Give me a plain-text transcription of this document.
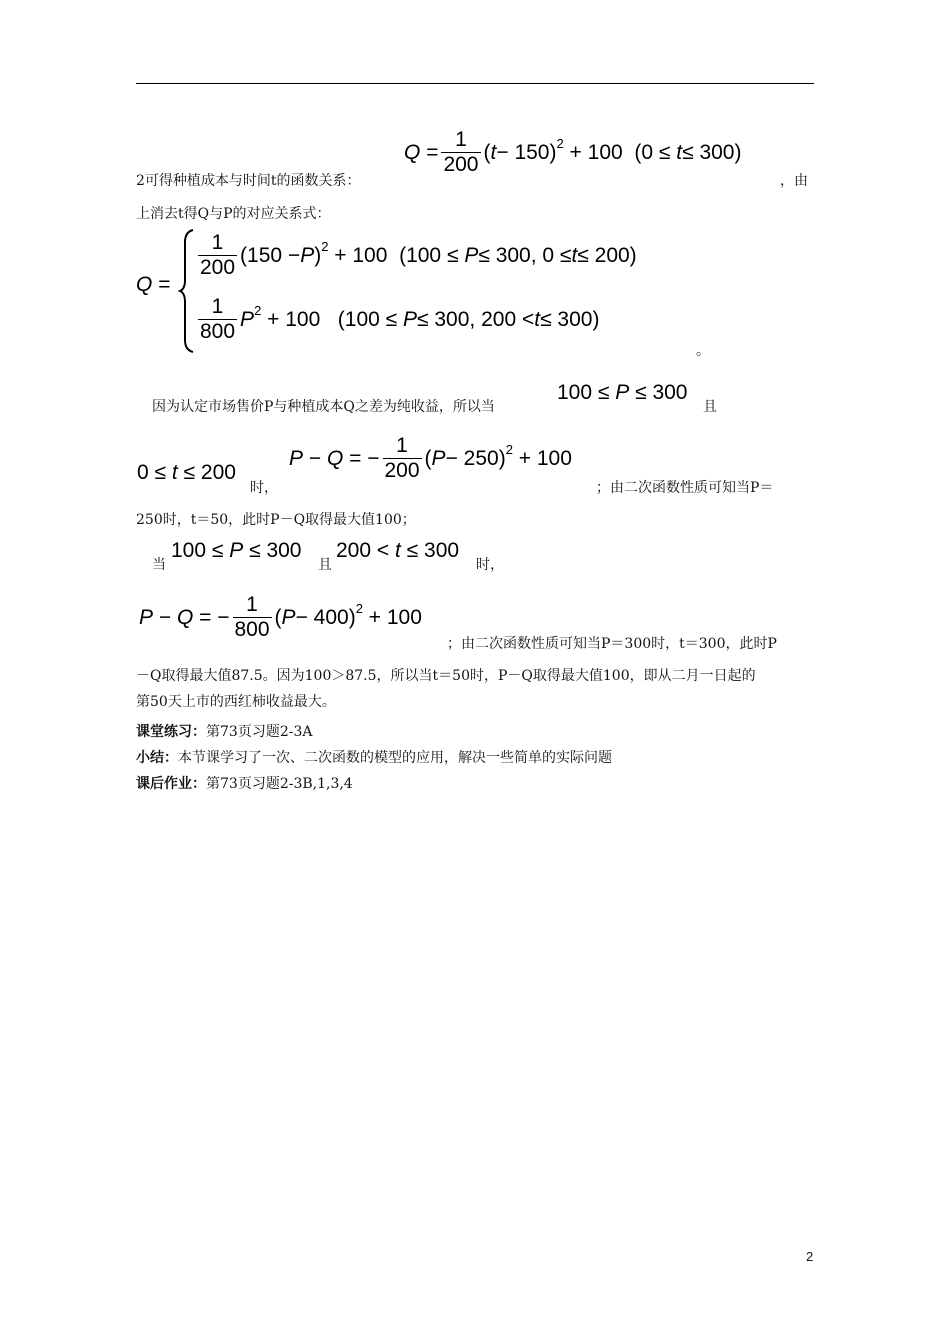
Q
= $\frac{1}{200}$ ( t − 150)$^2$ + 100  (0 ≤ t ≤ 300)
2可得种植成本与时间t的函数关系：	，由
上消去t得Q与P的对应关系式：
Q
=
$\frac{1}{200} (150 - P$ )$^2$ + 100  (100 ≤ P ≤ 300, 0 ≤ t ≤ 200)
$\frac{1}{800} P^2 + 100$   (100 ≤ P ≤ 300, 200 < t ≤ 300)
。
因为认定市场售价P与种植成本Q之差为纯收益，所以当
100 ≤ P ≤ 300
且
0 ≤ t ≤ 200
时，
P − Q = − $\frac{1}{200}$ ( P − 250)$^2$ + 100
；由二次函数性质可知当P＝
250时，t＝50，此时P－Q取得最大值100；
当
100 ≤ P ≤ 300
且
200 < t ≤ 300
时，
P − Q = − $\frac{1}{800}$ ( P − 400)$^2$ + 100
；由二次函数性质可知当P＝300时，t＝300，此时P
－Q取得最大值87.5。因为100＞87.5，所以当t＝50时，P－Q取得最大值100，即从二月一日起的
第50天上市的西红柿收益最大。
课堂练习：第73页习题2-3A
小结：本节课学习了一次、二次函数的模型的应用，解决一些简单的实际问题
课后作业：第73页习题2-3B,1,3,4
2
